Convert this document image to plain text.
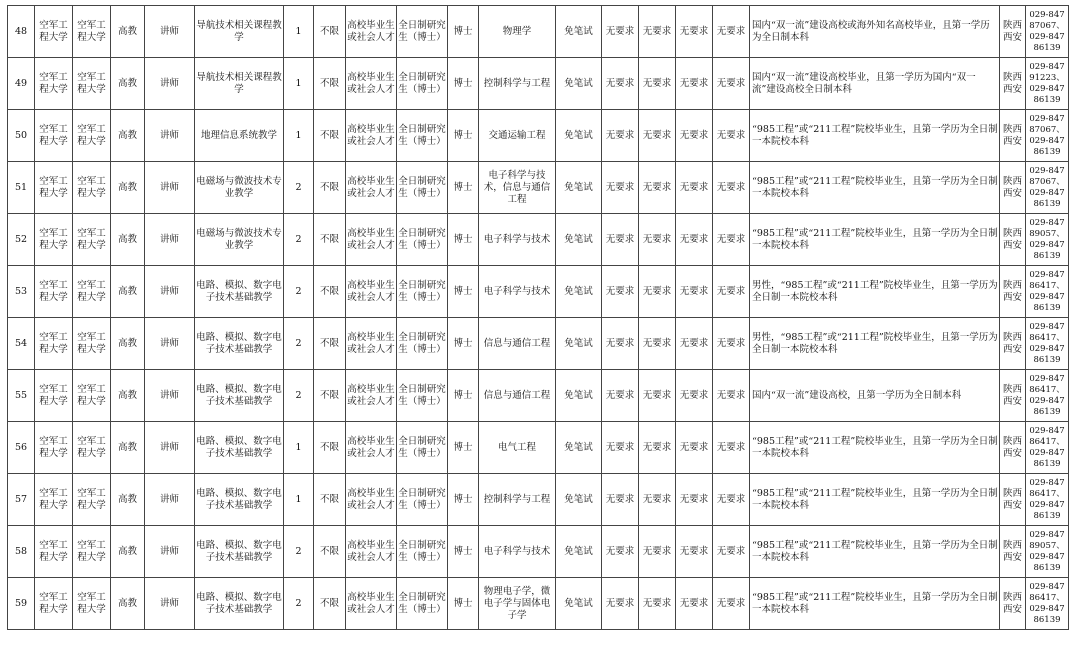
48	空军工程大学	空军工程大学	高教	讲师	导航技术相关课程教学	1	不限	高校毕业生或社会人才	全日制研究生（博士）	博士	物理学	免笔试	无要求	无要求	无要求	无要求	国内“双一流”建设高校或海外知名高校毕业，且第一学历为全日制本科	陕西西安	029-84787067、029-84786139
49	空军工程大学	空军工程大学	高教	讲师	导航技术相关课程教学	1	不限	高校毕业生或社会人才	全日制研究生（博士）	博士	控制科学与工程	免笔试	无要求	无要求	无要求	无要求	国内“双一流”建设高校毕业，且第一学历为国内“双一流”建设高校全日制本科	陕西西安	029-84791223、029-84786139
50	空军工程大学	空军工程大学	高教	讲师	地理信息系统教学	1	不限	高校毕业生或社会人才	全日制研究生（博士）	博士	交通运输工程	免笔试	无要求	无要求	无要求	无要求	“985工程”或“211工程”院校毕业生，且第一学历为全日制一本院校本科	陕西西安	029-84787067、029-84786139
51	空军工程大学	空军工程大学	高教	讲师	电磁场与微波技术专业教学	2	不限	高校毕业生或社会人才	全日制研究生（博士）	博士	电子科学与技术，信息与通信工程	免笔试	无要求	无要求	无要求	无要求	“985工程”或“211工程”院校毕业生，且第一学历为全日制一本院校本科	陕西西安	029-84787067、029-84786139
52	空军工程大学	空军工程大学	高教	讲师	电磁场与微波技术专业教学	2	不限	高校毕业生或社会人才	全日制研究生（博士）	博士	电子科学与技术	免笔试	无要求	无要求	无要求	无要求	“985工程”或“211工程”院校毕业生，且第一学历为全日制一本院校本科	陕西西安	029-84789057、029-84786139
53	空军工程大学	空军工程大学	高教	讲师	电路、模拟、数字电子技术基础教学	2	不限	高校毕业生或社会人才	全日制研究生（博士）	博士	电子科学与技术	免笔试	无要求	无要求	无要求	无要求	男性，“985工程”或“211工程”院校毕业生，且第一学历为全日制一本院校本科	陕西西安	029-84786417、029-84786139
54	空军工程大学	空军工程大学	高教	讲师	电路、模拟、数字电子技术基础教学	2	不限	高校毕业生或社会人才	全日制研究生（博士）	博士	信息与通信工程	免笔试	无要求	无要求	无要求	无要求	男性，“985工程”或“211工程”院校毕业生，且第一学历为全日制一本院校本科	陕西西安	029-84786417、029-84786139
55	空军工程大学	空军工程大学	高教	讲师	电路、模拟、数字电子技术基础教学	2	不限	高校毕业生或社会人才	全日制研究生（博士）	博士	信息与通信工程	免笔试	无要求	无要求	无要求	无要求	国内“双一流”建设高校，且第一学历为全日制本科	陕西西安	029-84786417、029-84786139
56	空军工程大学	空军工程大学	高教	讲师	电路、模拟、数字电子技术基础教学	1	不限	高校毕业生或社会人才	全日制研究生（博士）	博士	电气工程	免笔试	无要求	无要求	无要求	无要求	“985工程”或“211工程”院校毕业生，且第一学历为全日制一本院校本科	陕西西安	029-84786417、029-84786139
57	空军工程大学	空军工程大学	高教	讲师	电路、模拟、数字电子技术基础教学	1	不限	高校毕业生或社会人才	全日制研究生（博士）	博士	控制科学与工程	免笔试	无要求	无要求	无要求	无要求	“985工程”或“211工程”院校毕业生，且第一学历为全日制一本院校本科	陕西西安	029-84786417、029-84786139
58	空军工程大学	空军工程大学	高教	讲师	电路、模拟、数字电子技术基础教学	2	不限	高校毕业生或社会人才	全日制研究生（博士）	博士	电子科学与技术	免笔试	无要求	无要求	无要求	无要求	“985工程”或“211工程”院校毕业生，且第一学历为全日制一本院校本科	陕西西安	029-84789057、029-84786139
59	空军工程大学	空军工程大学	高教	讲师	电路、模拟、数字电子技术基础教学	2	不限	高校毕业生或社会人才	全日制研究生（博士）	博士	物理电子学，微电子学与固体电子学	免笔试	无要求	无要求	无要求	无要求	“985工程”或“211工程”院校毕业生，且第一学历为全日制一本院校本科	陕西西安	029-84786417、029-84786139
